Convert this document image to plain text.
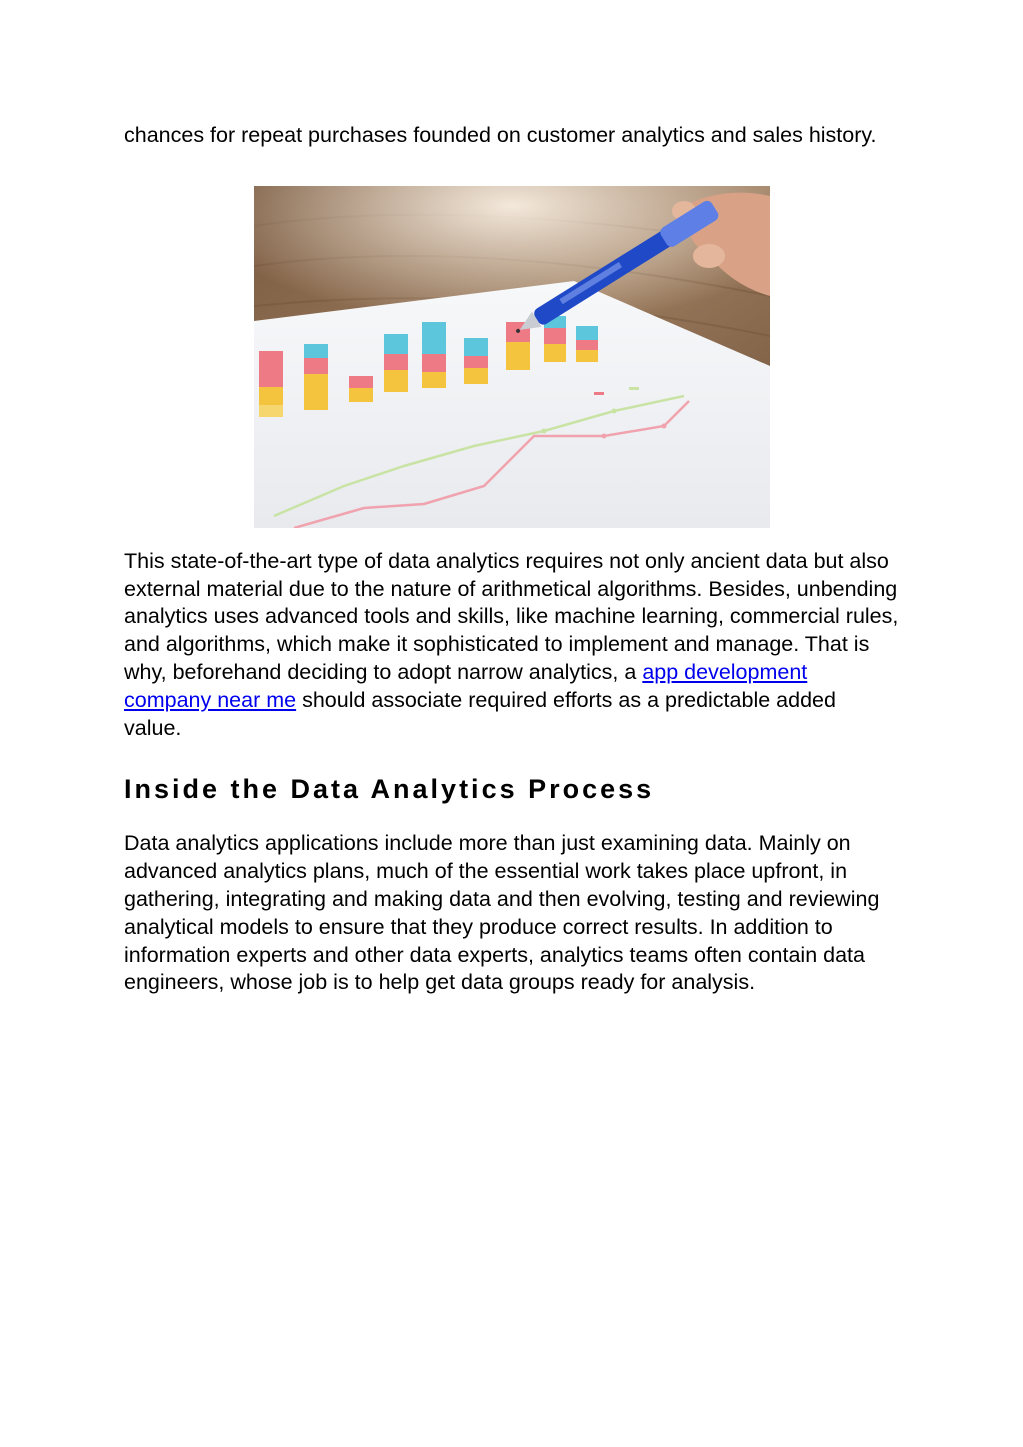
chances for repeat purchases founded on customer analytics and sales history.

This state-of-the-art type of data analytics requires not only ancient data but also external material due to the nature of arithmetical algorithms. Besides, unbending analytics uses advanced tools and skills, like machine learning, commercial rules, and algorithms, which make it sophisticated to implement and manage. That is why, beforehand deciding to adopt narrow analytics, a app development company near me should associate required efforts as a predictable added value.

Inside the Data Analytics Process

Data analytics applications include more than just examining data. Mainly on advanced analytics plans, much of the essential work takes place upfront, in gathering, integrating and making data and then evolving, testing and reviewing analytical models to ensure that they produce correct results. In addition to information experts and other data experts, analytics teams often contain data engineers, whose job is to help get data groups ready for analysis.
